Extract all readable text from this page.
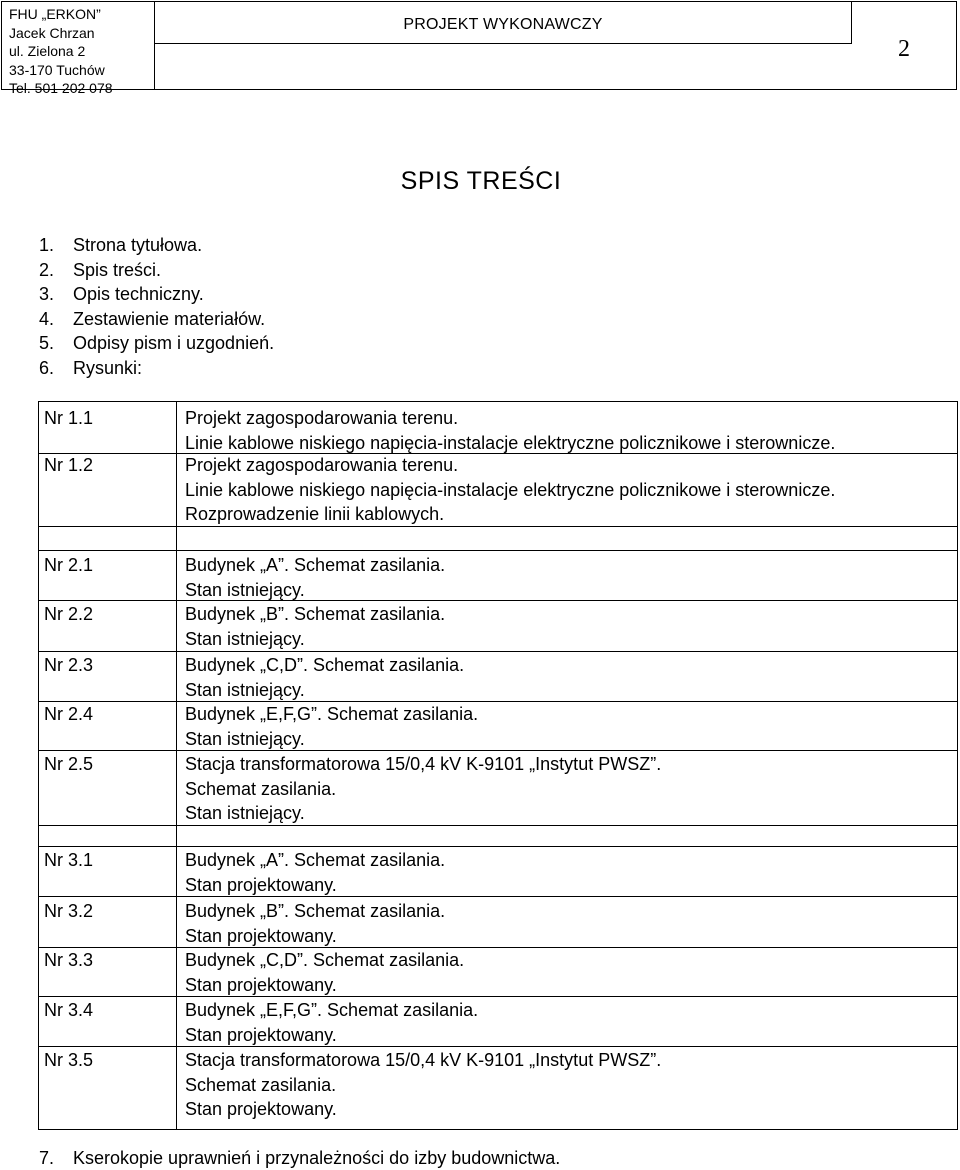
FHU „ERKON”
Jacek Chrzan
ul. Zielona 2
33-170 Tuchów
Tel. 501 202 078
PROJEKT WYKONAWCZY
2
SPIS TREŚCI
1. Strona tytułowa.
2. Spis treści.
3. Opis techniczny.
4. Zestawienie materiałów.
5. Odpisy pism i uzgodnień.
6. Rysunki:
Nr 1.1	Projekt zagospodarowania terenu.
Linie kablowe niskiego napięcia-instalacje elektryczne policznikowe i sterownicze.
Nr 1.2	Projekt zagospodarowania terenu.
Linie kablowe niskiego napięcia-instalacje elektryczne policznikowe i sterownicze.
Rozprowadzenie linii kablowych.
Nr 2.1	Budynek „A”. Schemat zasilania.
Stan istniejący.
Nr 2.2	Budynek „B”. Schemat zasilania.
Stan istniejący.
Nr 2.3	Budynek „C,D”. Schemat zasilania.
Stan istniejący.
Nr 2.4	Budynek „E,F,G”. Schemat zasilania.
Stan istniejący.
Nr 2.5	Stacja transformatorowa 15/0,4 kV K-9101 „Instytut PWSZ”.
Schemat zasilania.
Stan istniejący.
Nr 3.1	Budynek „A”. Schemat zasilania.
Stan projektowany.
Nr 3.2	Budynek „B”. Schemat zasilania.
Stan projektowany.
Nr 3.3	Budynek „C,D”. Schemat zasilania.
Stan projektowany.
Nr 3.4	Budynek „E,F,G”. Schemat zasilania.
Stan projektowany.
Nr 3.5	Stacja transformatorowa 15/0,4 kV K-9101 „Instytut PWSZ”.
Schemat zasilania.
Stan projektowany.
7. Kserokopie uprawnień i przynależności do izby budownictwa.
